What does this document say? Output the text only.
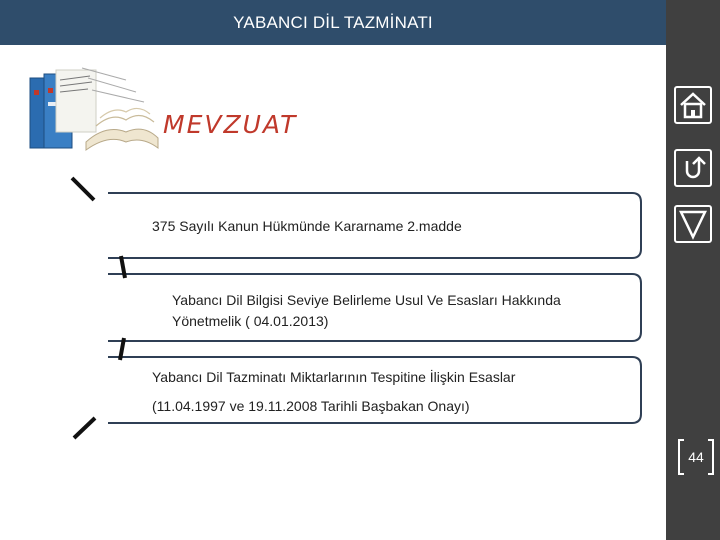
YABANCI DİL TAZMİNATI
44
MEVZUAT
375 Sayılı Kanun Hükmünde Kararname 2.madde
Yabancı Dil Bilgisi Seviye Belirleme Usul Ve Esasları Hakkında
Yönetmelik ( 04.01.2013)
Yabancı Dil Tazminatı Miktarlarının Tespitine İlişkin Esaslar
(11.04.1997 ve 19.11.2008 Tarihli Başbakan Onayı)
